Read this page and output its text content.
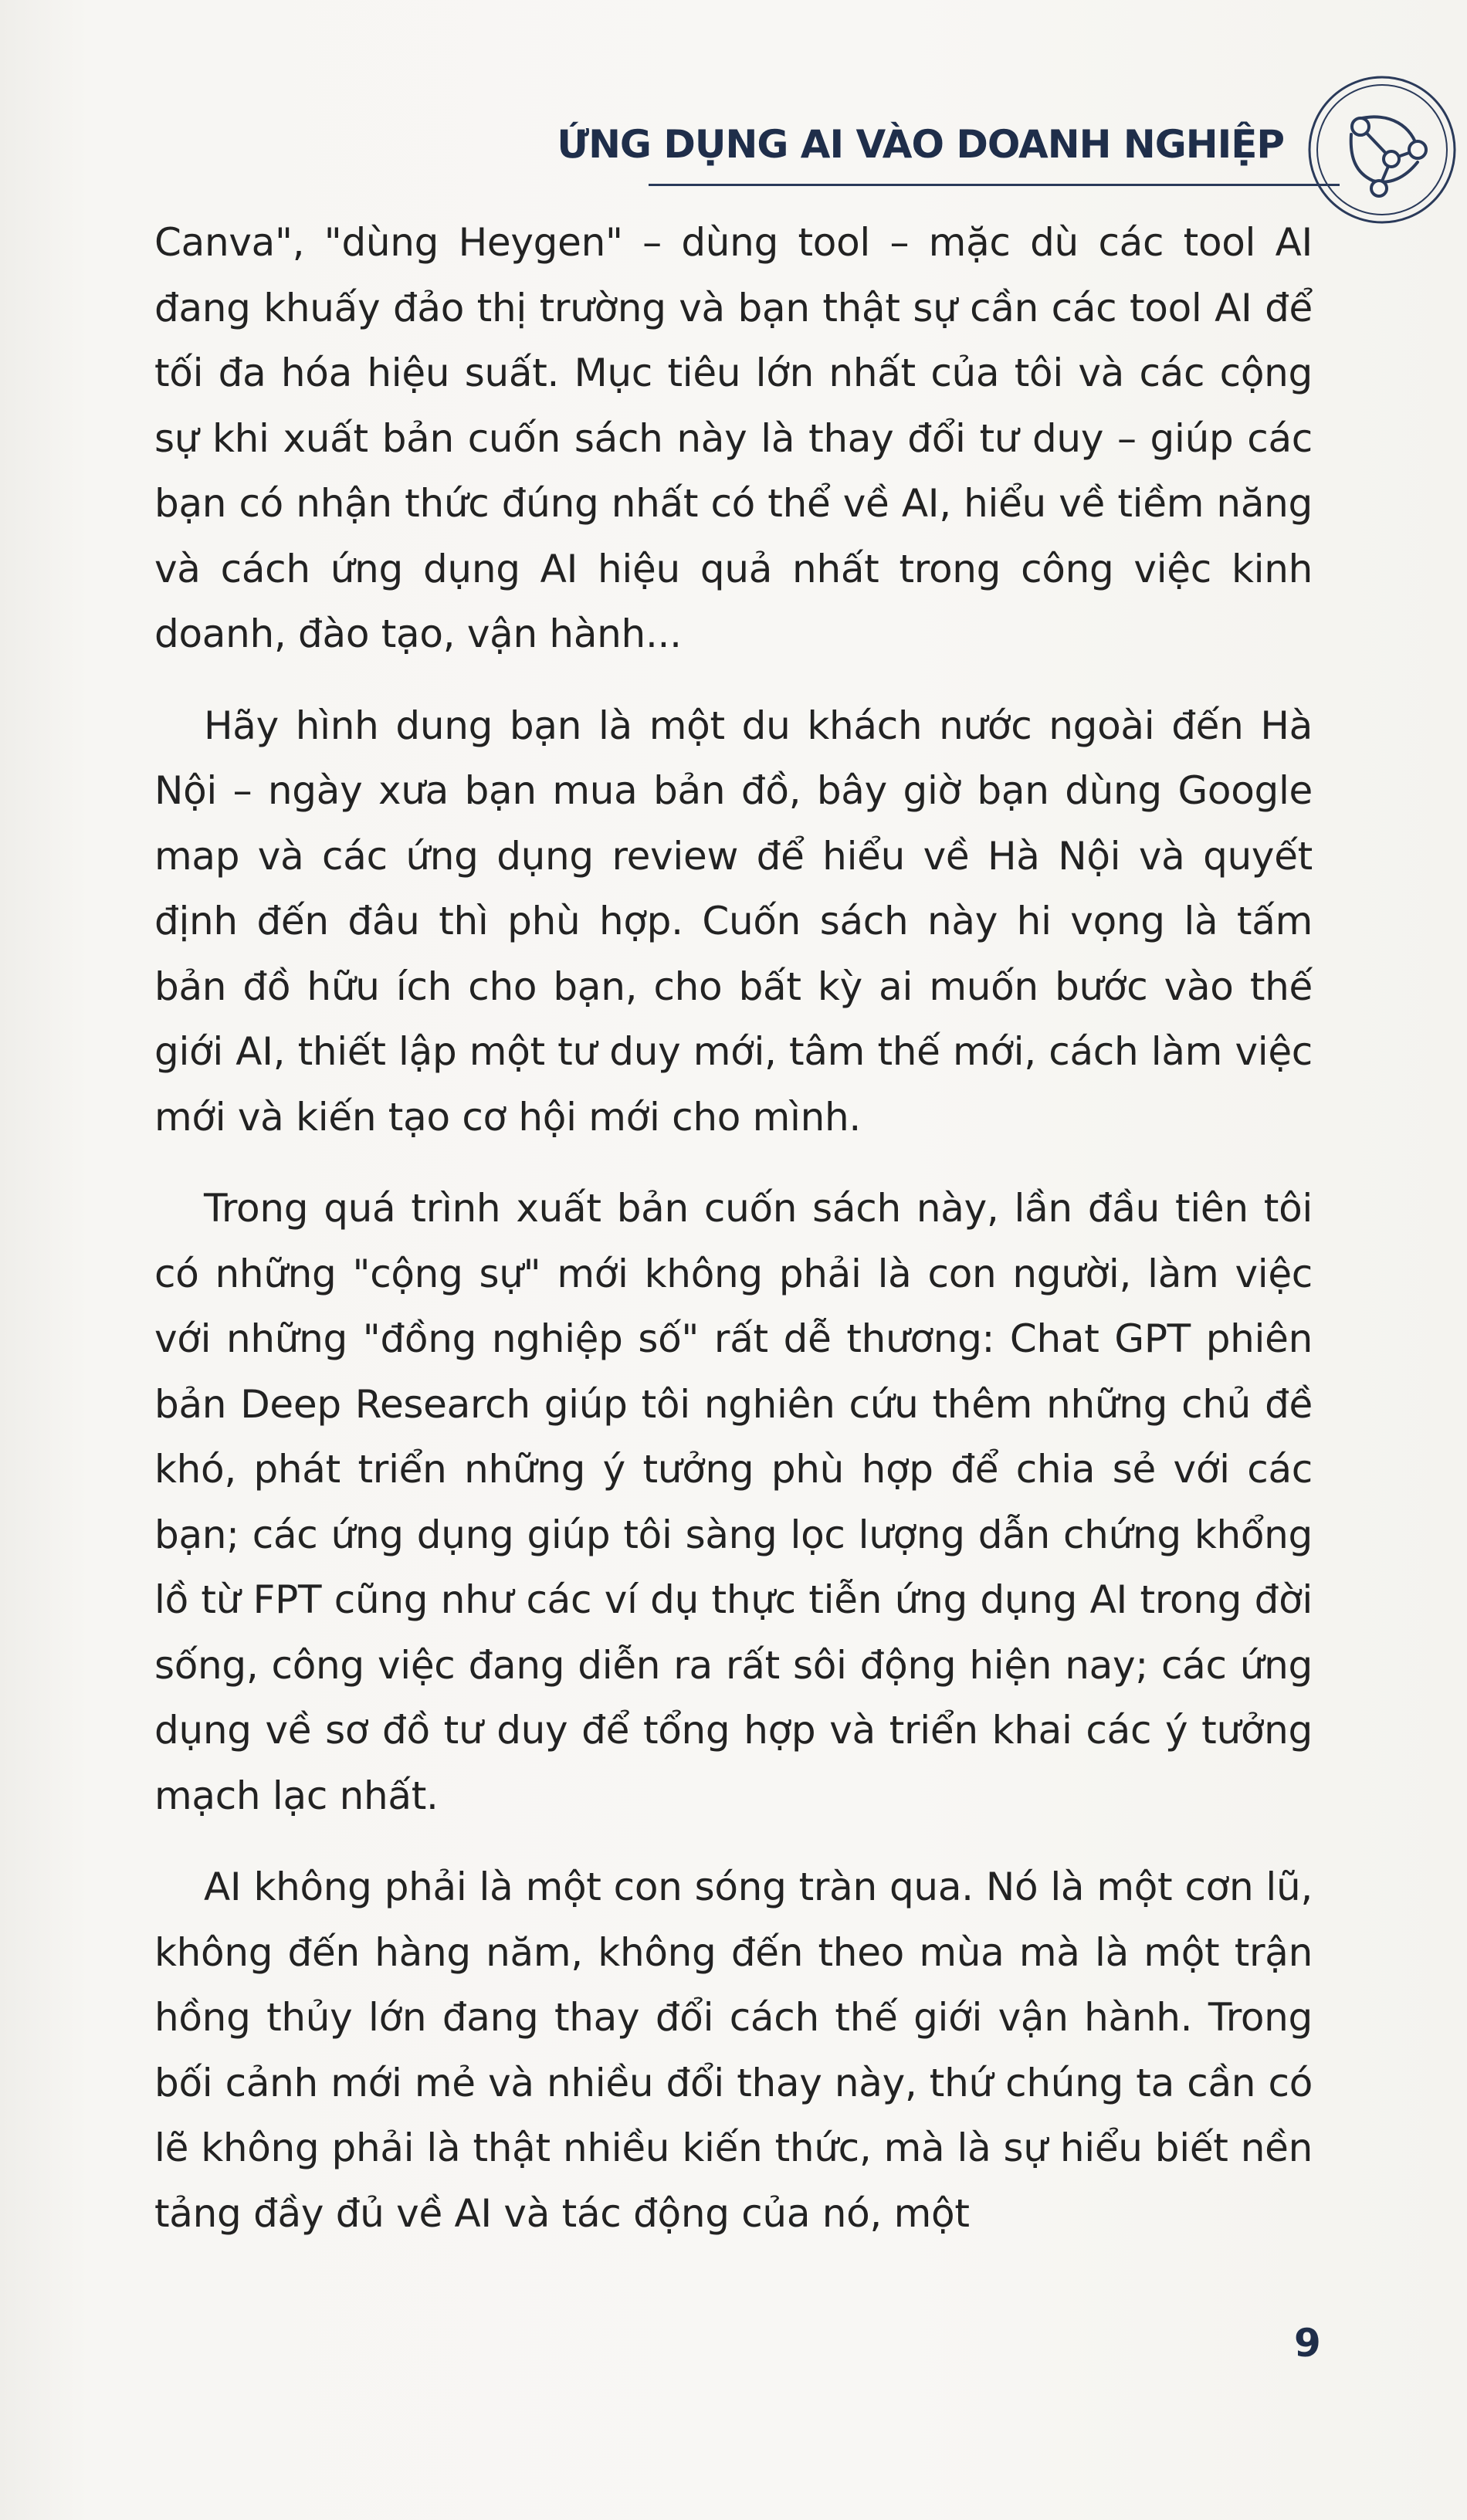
ỨNG DỤNG AI VÀO DOANH NGHIỆP

Canva", "dùng Heygen" – dùng tool – mặc dù các tool AI đang khuấy đảo thị trường và bạn thật sự cần các tool AI để tối đa hóa hiệu suất. Mục tiêu lớn nhất của tôi và các cộng sự khi xuất bản cuốn sách này là thay đổi tư duy – giúp các bạn có nhận thức đúng nhất có thể về AI, hiểu về tiềm năng và cách ứng dụng AI hiệu quả nhất trong công việc kinh doanh, đào tạo, vận hành...

Hãy hình dung bạn là một du khách nước ngoài đến Hà Nội – ngày xưa bạn mua bản đồ, bây giờ bạn dùng Google map và các ứng dụng review để hiểu về Hà Nội và quyết định đến đâu thì phù hợp. Cuốn sách này hi vọng là tấm bản đồ hữu ích cho bạn, cho bất kỳ ai muốn bước vào thế giới AI, thiết lập một tư duy mới, tâm thế mới, cách làm việc mới và kiến tạo cơ hội mới cho mình.

Trong quá trình xuất bản cuốn sách này, lần đầu tiên tôi có những "cộng sự" mới không phải là con người, làm việc với những "đồng nghiệp số" rất dễ thương: Chat GPT phiên bản Deep Research giúp tôi nghiên cứu thêm những chủ đề khó, phát triển những ý tưởng phù hợp để chia sẻ với các bạn; các ứng dụng giúp tôi sàng lọc lượng dẫn chứng khổng lồ từ FPT cũng như các ví dụ thực tiễn ứng dụng AI trong đời sống, công việc đang diễn ra rất sôi động hiện nay; các ứng dụng về sơ đồ tư duy để tổng hợp và triển khai các ý tưởng mạch lạc nhất.

AI không phải là một con sóng tràn qua. Nó là một cơn lũ, không đến hàng năm, không đến theo mùa mà là một trận hồng thủy lớn đang thay đổi cách thế giới vận hành. Trong bối cảnh mới mẻ và nhiều đổi thay này, thứ chúng ta cần có lẽ không phải là thật nhiều kiến thức, mà là sự hiểu biết nền tảng đầy đủ về AI và tác động của nó, một

9
